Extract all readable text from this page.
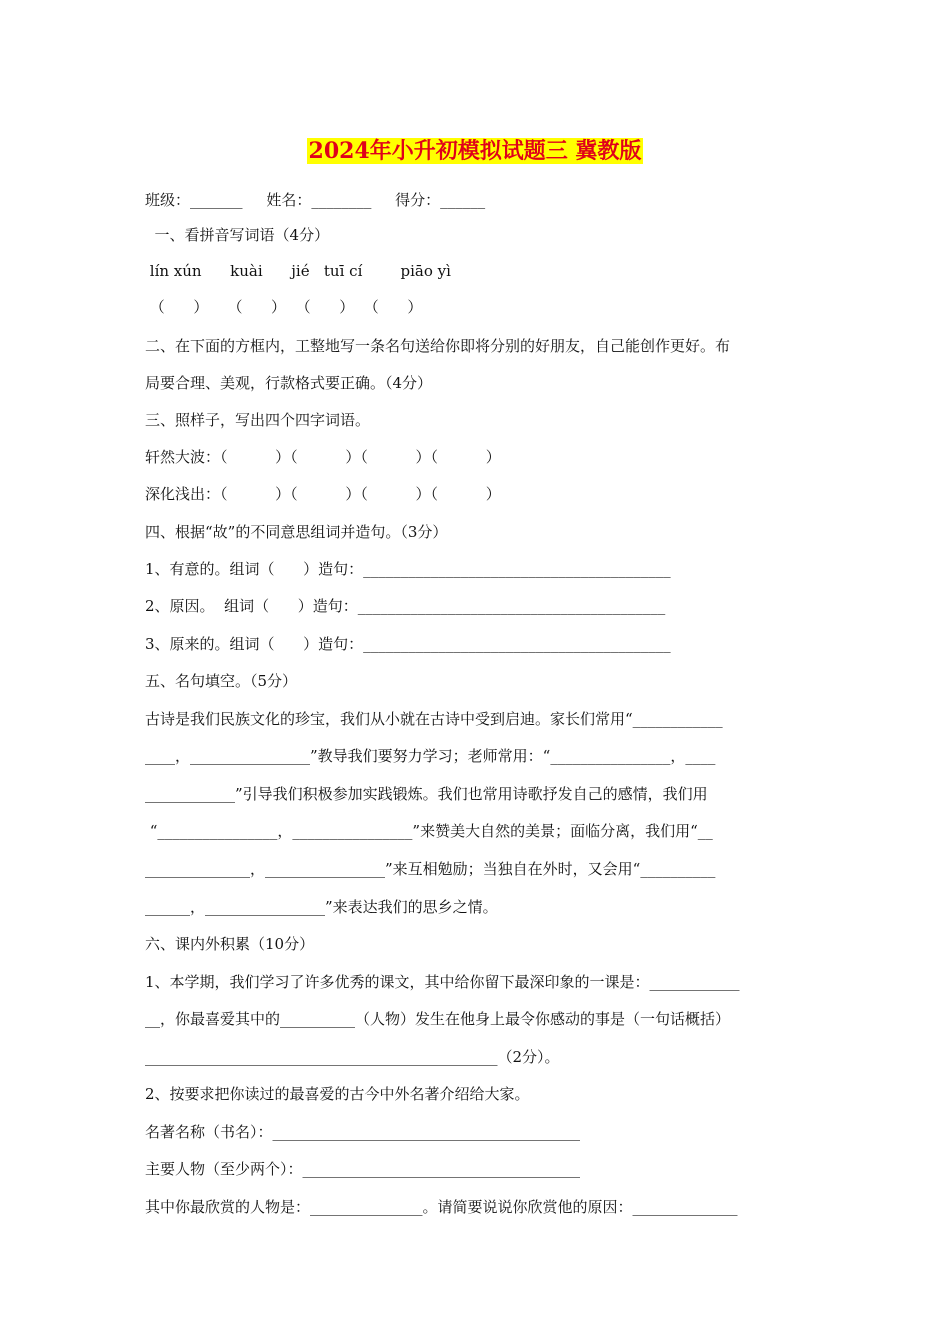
2024年小升初模拟试题三 冀教版
班级：_______     姓名：________     得分：______
一、看拼音写词语（4分）
lín xún      kuài      jié   tuī cí        piāo yì
（      ）    （      ）  （      ）  （      ）
二、在下面的方框内，工整地写一条名句送给你即将分别的好朋友，自己能创作更好。布
局要合理、美观，行款格式要正确。（4分）
三、照样子，写出四个四字词语。
轩然大波：（          ）（          ）（          ）（          ）
深化浅出：（          ）（          ）（          ）（          ）
四、根据“故”的不同意思组词并造句。（3分）
1、有意的。组词（      ）造句：_________________________________________
2、原因。  组词（      ）造句：_________________________________________
3、原来的。组词（      ）造句：_________________________________________
五、名句填空。（5分）
古诗是我们民族文化的珍宝，我们从小就在古诗中受到启迪。家长们常用“____________
____，________________”教导我们要努力学习；老师常用：“________________，____
____________”引导我们积极参加实践锻炼。我们也常用诗歌抒发自己的感情，我们用
“________________，________________”来赞美大自然的美景；面临分离，我们用“__
______________，________________”来互相勉励；当独自在外时，又会用“__________
______，________________”来表达我们的思乡之情。
六、课内外积累（10分）
1、本学期，我们学习了许多优秀的课文，其中给你留下最深印象的一课是：____________
__，你最喜爱其中的__________（人物）发生在他身上最令你感动的事是（一句话概括）
_______________________________________________（2分）。
2、按要求把你读过的最喜爱的古今中外名著介绍给大家。
名著名称（书名）：_________________________________________
主要人物（至少两个）：_____________________________________
其中你最欣赏的人物是：_______________。请简要说说你欣赏他的原因：______________
